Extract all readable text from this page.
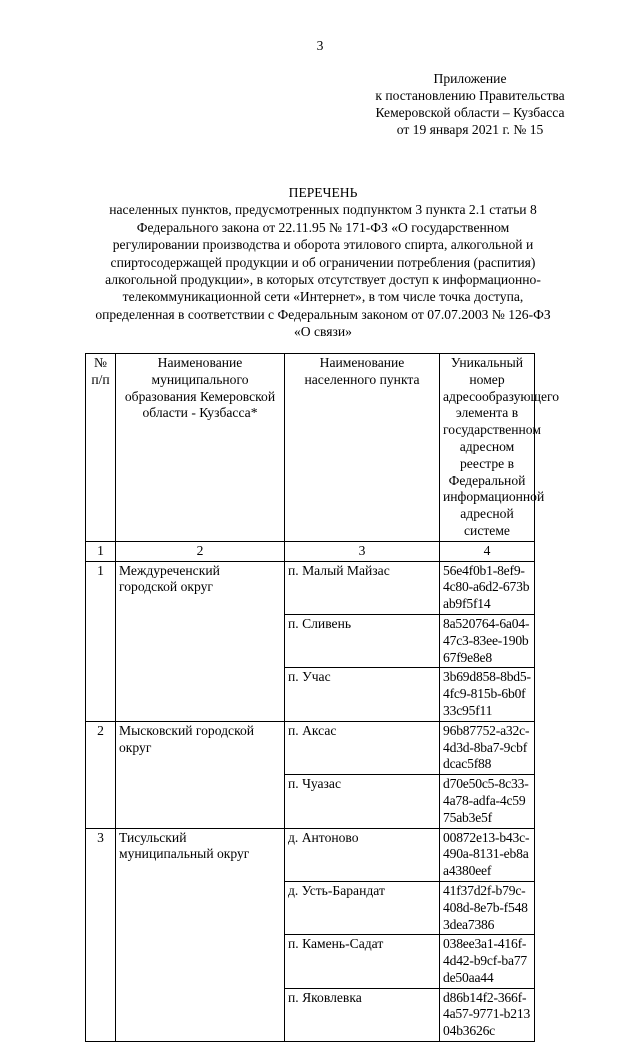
3
Приложение
к постановлению Правительства
Кемеровской области – Кузбасса
от 19 января 2021 г. № 15
ПЕРЕЧЕНЬ
населенных пунктов, предусмотренных подпунктом 3 пункта 2.1 статьи 8 Федерального закона от 22.11.95 № 171-ФЗ «О государственном регулировании производства и оборота этилового спирта, алкогольной и спиртосодержащей продукции и об ограничении потребления (распития) алкогольной продукции», в которых отсутствует доступ к информационно-телекоммуникационной сети «Интернет», в том числе точка доступа, определенная в соответствии с Федеральным законом от 07.07.2003 № 126-ФЗ «О связи»
№ п/п	Наименование муниципального образования Кемеровской области - Кузбасса*	Наименование населенного пункта	Уникальный номер адресообразующего элемента в государственном адресном реестре в Федеральной информационной адресной системе
1	2	3	4
1	Междуреченский городской округ	п. Малый Майзас	56e4f0b1-8ef9-4c80-a6d2-673bab9f5f14
		п. Сливень	8a520764-6a04-47c3-83ee-190b67f9e8e8
		п. Учас	3b69d858-8bd5-4fc9-815b-6b0f33c95f11
2	Мысковский городской округ	п. Аксас	96b87752-a32c-4d3d-8ba7-9cbfdcac5f88
		п. Чуазас	d70e50c5-8c33-4a78-adfa-4c5975ab3e5f
3	Тисульский муниципальный округ	д. Антоново	00872e13-b43c-490a-8131-eb8aa4380eef
		д. Усть-Барандат	41f37d2f-b79c-408d-8e7b-f5483dea7386
		п. Камень-Садат	038ee3a1-416f-4d42-b9cf-ba77de50aa44
		п. Яковлевка	d86b14f2-366f-4a57-9771-b21304b3626c
